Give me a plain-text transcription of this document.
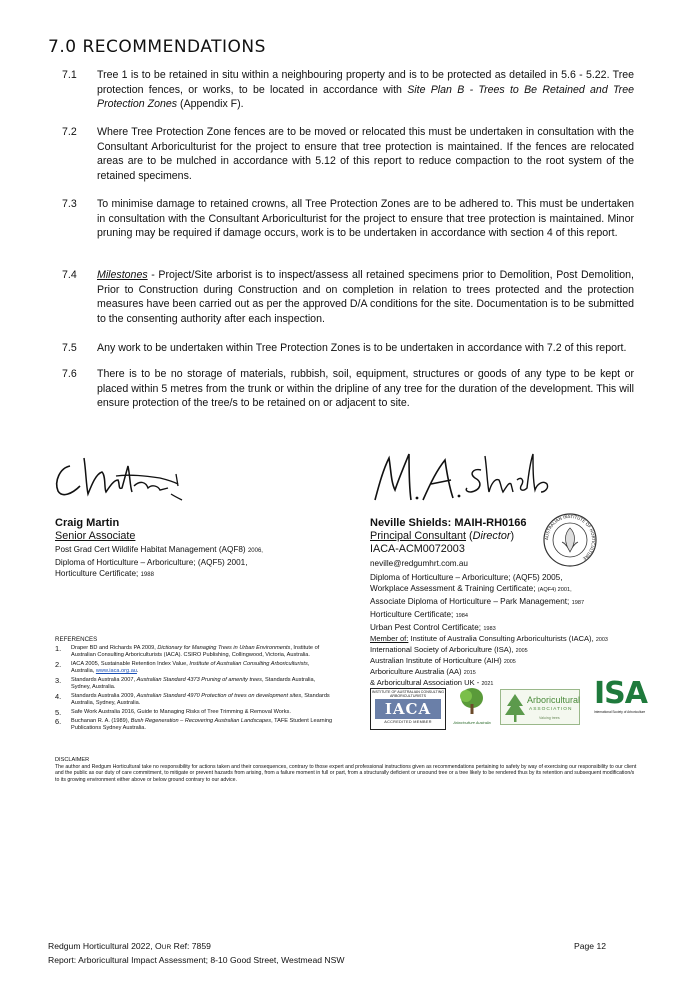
7.0 RECOMMENDATIONS
7.1 Tree 1 is to be retained in situ within a neighbouring property and is to be protected as detailed in 5.6 - 5.22. Tree protection fences, or works, to be located in accordance with Site Plan B - Trees to Be Retained and Tree Protection Zones (Appendix F).
7.2 Where Tree Protection Zone fences are to be moved or relocated this must be undertaken in consultation with the Consultant Arboriculturist for the project to ensure that tree protection is maintained. If the fences are relocated areas are to be mulched in accordance with 5.12 of this report to reduce compaction to the root system of the retained specimens.
7.3 To minimise damage to retained crowns, all Tree Protection Zones are to be adhered to. This must be undertaken in consultation with the Consultant Arboriculturist for the project to ensure that tree protection is maintained. Minor pruning may be required if damage occurs, work is to be undertaken in accordance with section 4 of this report.
7.4 Milestones - Project/Site arborist is to inspect/assess all retained specimens prior to Demolition, Post Demolition, Prior to Construction during Construction and on completion in relation to trees protected and the protection measures have been carried out as per the approved D/A conditions for the site. Documentation is to be submitted to the consenting authority after each inspection.
7.5 Any work to be undertaken within Tree Protection Zones is to be undertaken in accordance with 7.2 of this report.
7.6 There is to be no storage of materials, rubbish, soil, equipment, structures or goods of any type to be kept or placed within 5 metres from the trunk or within the dripline of any tree for the duration of the development. This will ensure protection of the tree/s to be retained on or adjacent to site.
Craig Martin
Senior Associate
Post Grad Cert Wildlife Habitat Management (AQF8) 2006,
Diploma of Horticulture – Arboriculture; (AQF5) 2001,
Horticulture Certificate; 1988
Neville Shields: MAIH-RH0166
Principal Consultant (Director)
IACA-ACM0072003
neville@redgumhrt.com.au
Diploma of Horticulture – Arboriculture; (AQF5) 2005,
Workplace Assessment & Training Certificate; (AQF4) 2001,
Associate Diploma of Horticulture – Park Management; 1987
Horticulture Certificate; 1984
Urban Pest Control Certificate; 1983
AUSTRALIAN INSTITUTE OF HORTICULTURE
Member of: Institute of Australia Consulting Arboriculturists (IACA), 2003
International Society of Arboriculture (ISA), 2005
Australian Institute of Horticulture (AIH) 2005
Arboriculture Australia (AA) 2015
& Arboricultural Association UK - 2021
REFERENCES
1. Draper BD and Richards PA 2009, Dictionary for Managing Trees in Urban Environments, Institute of Australian Consulting Arboriculturists (IACA). CSIRO Publishing, Collingwood, Victoria, Australia.
2. IACA 2005, Sustainable Retention Index Value, Institute of Australian Consulting Arboriculturists, Australia, www.iaca.org.au.
3. Standards Australia 2007, Australian Standard 4373 Pruning of amenity trees, Standards Australia, Sydney, Australia.
4. Standards Australia 2009, Australian Standard 4970 Protection of trees on development sites, Standards Australia, Sydney, Australia.
5. Safe Work Australia 2016, Guide to Managing Risks of Tree Trimming & Removal Works.
6. Buchanan R. A. (1989), Bush Regeneration – Recovering Australian Landscapes, TAFE Student Learning Publications Sydney Australia.
INSTITUTE OF AUSTRALIAN CONSULTING ARBORICULTURISTS
IACA
ACCREDITED MEMBER	Arboriculture Australia
Arboricultural
ASSOCIATION
Valuing trees
ISA
International Society of Arboriculture
DISCLAIMER
The author and Redgum Horticultural take no responsibility for actions taken and their consequences, contrary to those expert and professional instructions given as recommendations pertaining to safety by way of exercising our responsibility to our client and the public as our duty of care commitment, to mitigate or prevent hazards from arising, from a failure moment in full or part, from a structurally deficient or unsound tree or a tree likely to be rendered thus by its retention and subsequent modification/s to its growing environment either above or below ground contrary to our advice.
Redgum Horticultural 2022, OUR Ref: 7859
Report: Arboricultural Impact Assessment; 8-10 Good Street, Westmead NSW
Page 12
